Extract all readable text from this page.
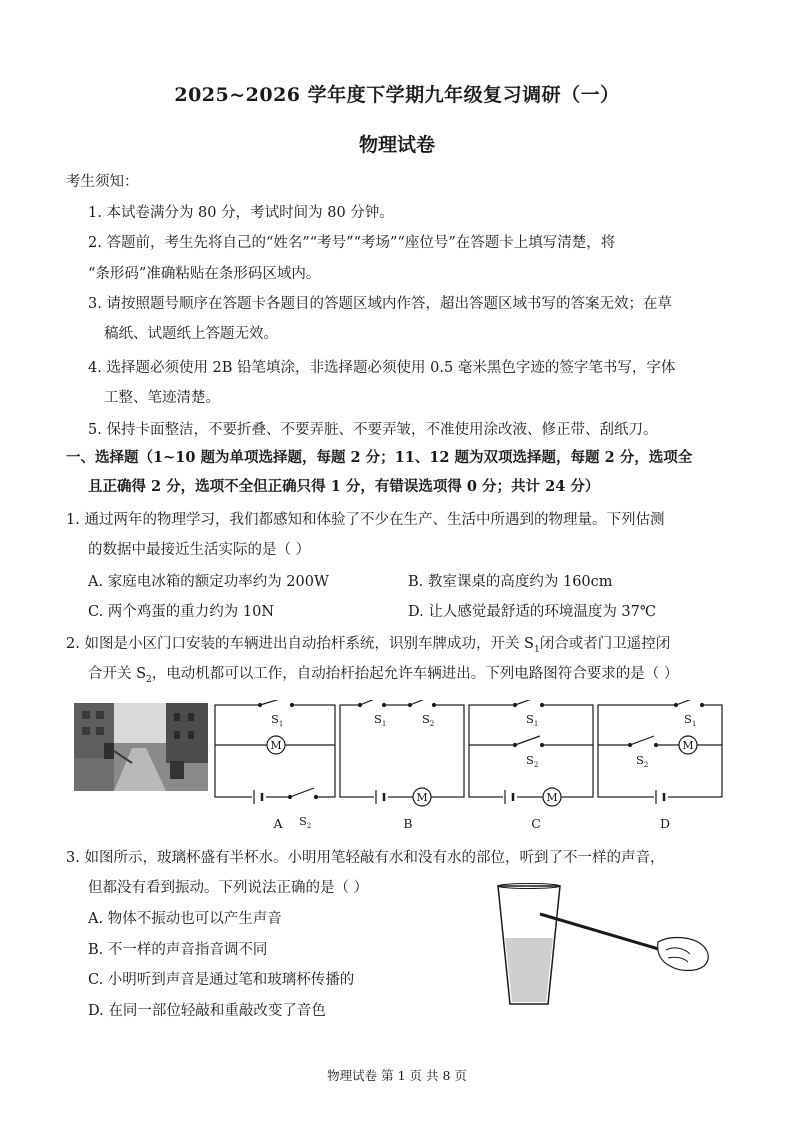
2025~2026 学年度下学期九年级复习调研（一）
物理试卷
考生须知：
1. 本试卷满分为 80 分，考试时间为 80 分钟。
2. 答题前，考生先将自己的“姓名”“考号”“考场”“座位号”在答题卡上填写清楚，将
“条形码”准确粘贴在条形码区域内。
3. 请按照题号顺序在答题卡各题目的答题区域内作答，超出答题区域书写的答案无效；在草
稿纸、试题纸上答题无效。
4. 选择题必须使用 2B 铅笔填涂，非选择题必须使用 0.5 毫米黑色字迹的签字笔书写，字体
工整、笔迹清楚。
5. 保持卡面整洁，不要折叠、不要弄脏、不要弄皱，不准使用涂改液、修正带、刮纸刀。
一、选择题（1~10 题为单项选择题，每题 2 分；11、12 题为双项选择题，每题 2 分，选项全
且正确得 2 分，选项不全但正确只得 1 分，有错误选项得 0 分；共计 24 分）
1. 通过两年的物理学习，我们都感知和体验了不少在生产、生活中所遇到的物理量。下列估测
的数据中最接近生活实际的是（ ）
A. 家庭电冰箱的额定功率约为 200W	B. 教室课桌的高度约为 160cm
C. 两个鸡蛋的重力约为 10N	D. 让人感觉最舒适的环境温度为 37℃
2. 如图是小区门口安装的车辆进出自动抬杆系统，识别车牌成功，开关 $S_1$闭合或者门卫遥控闭
合开关 $S_2$，电动机都可以工作，自动抬杆抬起允许车辆进出。下列电路图符合要求的是（ ）
M
M	M
M
$S_1$
$S_2$
$S_1$	$S_2$	$S_1$
$S_2$
$S_1$
$S_2$
A	B	C	D
3. 如图所示，玻璃杯盛有半杯水。小明用笔轻敲有水和没有水的部位，听到了不一样的声音，
但都没有看到振动。下列说法正确的是（ ）
A. 物体不振动也可以产生声音
B. 不一样的声音指音调不同
C. 小明听到声音是通过笔和玻璃杯传播的
D. 在同一部位轻敲和重敲改变了音色
物理试卷 第 1 页 共 8 页
